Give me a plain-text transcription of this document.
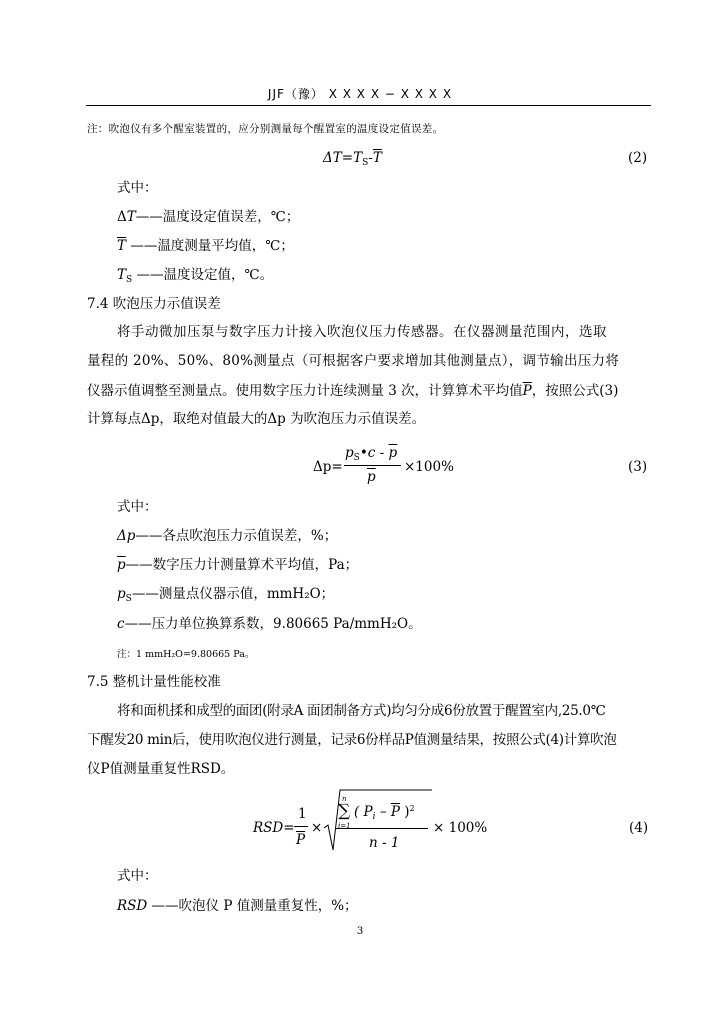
JJF（豫） X X X X − X X X X
注：吹泡仪有多个醒室装置的，应分别测量每个醒置室的温度设定值误差。
$\Delta T=T_S-\overline{T}$	(2)
式中：
ΔT——温度设定值误差，℃；
$\overline{T}$ ——温度测量平均值，℃；
$T_S$ ——温度设定值，℃。
7.4 吹泡压力示值误差
将手动微加压泵与数字压力计接入吹泡仪压力传感器。在仪器测量范围内，选取
量程的 20%、50%、80%测量点（可根据客户要求增加其他测量点），调节输出压力将
仪器示值调整至测量点。使用数字压力计连续测量 3 次，计算算术平均值$\overline{P}$，按照公式(3)
计算每点Δp，取绝对值最大的Δp 为吹泡压力示值误差。
Δp=
$p_S•c - \overline{p}$
$\overline{p}$
×100%	(3)
式中：
Δp——各点吹泡压力示值误差，%；
$\overline{p}——$数字压力计测量算术平均值，Pa；
$p_S——$测量点仪器示值，mmH₂O；
c——压力单位换算系数，9.80665 Pa/mmH₂O。
注：1 mmH₂O=9.80665 Pa。
7.5 整机计量性能校准
将和面机揉和成型的面团(附录A 面团制备方式)均匀分成6份放置于醒置室内,25.0℃
下醒发20 min后，使用吹泡仪进行测量，记录6份样品P值测量结果，按照公式(4)计算吹泡
仪P值测量重复性RSD。
RSD=
1
$\overline{P}$
×
n
∑
i=1
( $P_i - \overline{P}$ )$^2$
n - 1
× 100%	(4)
式中：
RSD ——吹泡仪 P 值测量重复性，%；
3
